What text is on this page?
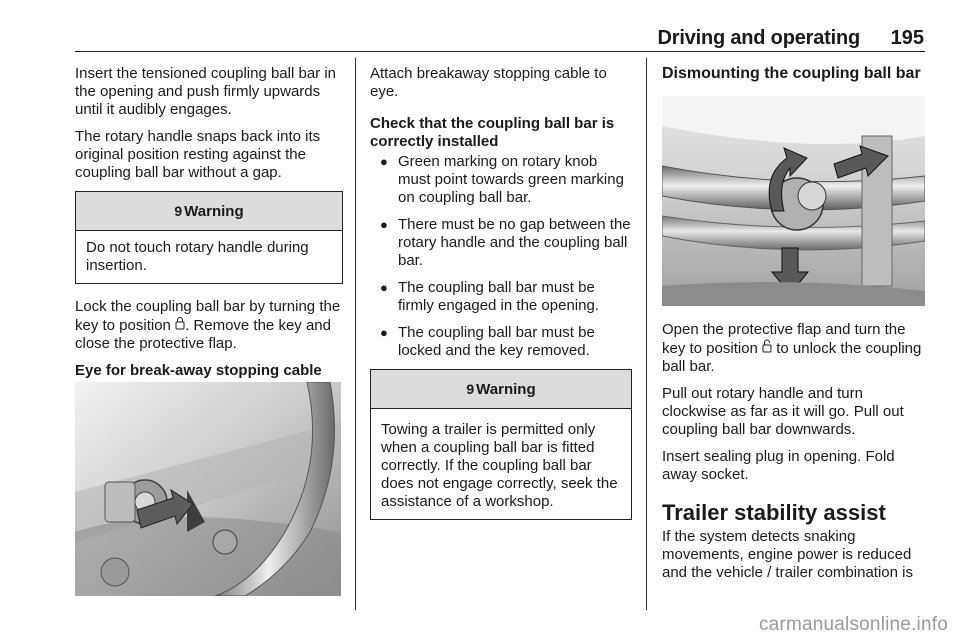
Driving and operating 195

Insert the tensioned coupling ball bar in the opening and push firmly upwards until it audibly engages.

The rotary handle snaps back into its original position resting against the coupling ball bar without a gap.

9 Warning
Do not touch rotary handle during insertion.

Lock the coupling ball bar by turning the key to position . Remove the key and close the protective flap.

Eye for break-away stopping cable

Attach breakaway stopping cable to eye.

Check that the coupling ball bar is correctly installed

● Green marking on rotary knob must point towards green marking on coupling ball bar.
● There must be no gap between the rotary handle and the coupling ball bar.
● The coupling ball bar must be firmly engaged in the opening.
● The coupling ball bar must be locked and the key removed.
9 Warning
Towing a trailer is permitted only when a coupling ball bar is fitted correctly. If the coupling ball bar does not engage correctly, seek the assistance of a workshop.

Dismounting the coupling ball bar

Open the protective flap and turn the key to position  to unlock the coupling ball bar.

Pull out rotary handle and turn clockwise as far as it will go. Pull out coupling ball bar downwards.

Insert sealing plug in opening. Fold away socket.

Trailer stability assist

If the system detects snaking movements, engine power is reduced and the vehicle / trailer combination is

carmanualsonline.info
